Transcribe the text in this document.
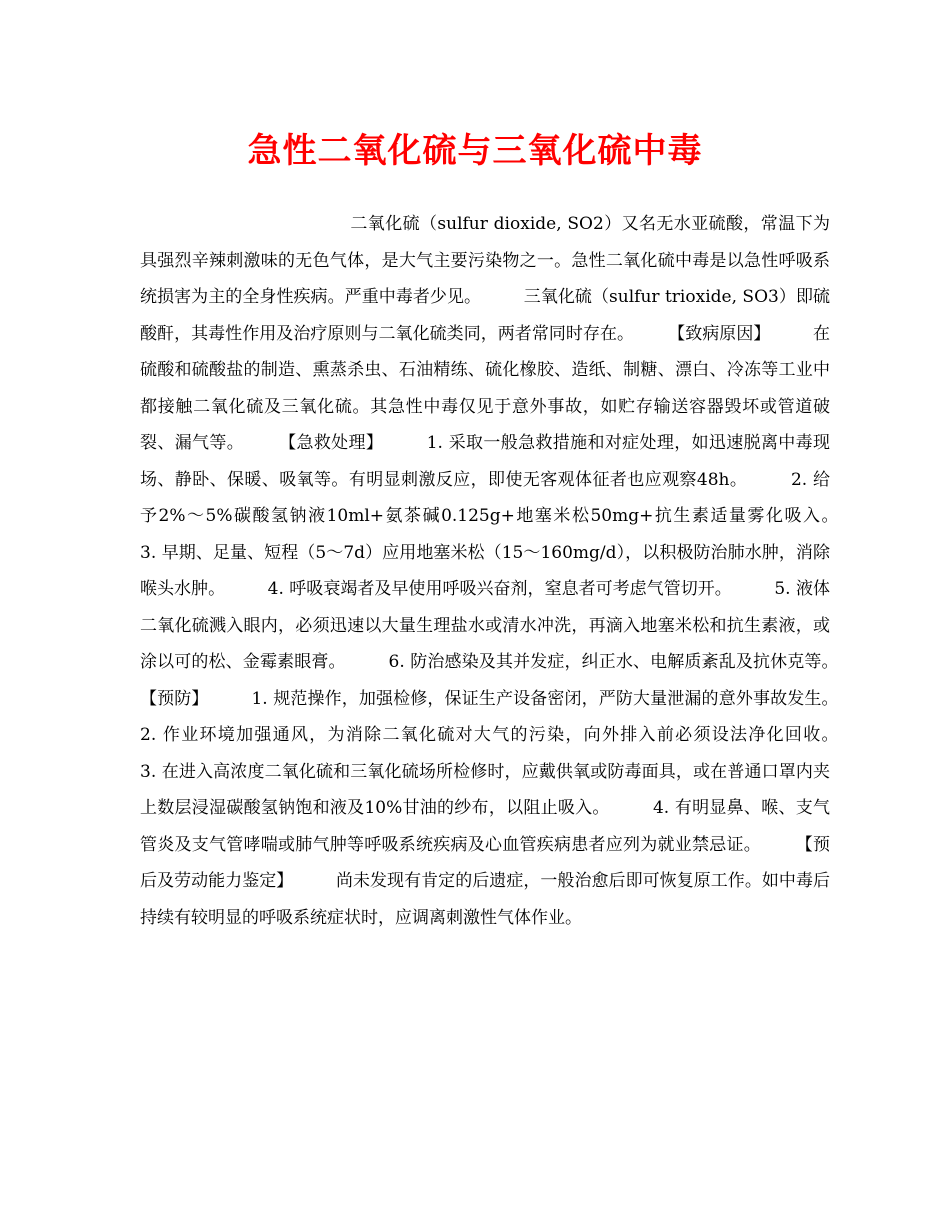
急性二氧化硫与三氧化硫中毒

二氧化硫（sulfur dioxide, SO2）又名无水亚硫酸，常温下为具强烈辛辣刺激味的无色气体，是大气主要污染物之一。急性二氧化硫中毒是以急性呼吸系统损害为主的全身性疾病。严重中毒者少见。　　　三氧化硫（sulfur trioxide, SO3）即硫酸酐，其毒性作用及治疗原则与二氧化硫类同，两者常同时存在。　　　【致病原因】　　　在硫酸和硫酸盐的制造、熏蒸杀虫、石油精练、硫化橡胶、造纸、制糖、漂白、冷冻等工业中都接触二氧化硫及三氧化硫。其急性中毒仅见于意外事故，如贮存输送容器毁坏或管道破裂、漏气等。　　　【急救处理】　　　1. 采取一般急救措施和对症处理，如迅速脱离中毒现场、静卧、保暖、吸氧等。有明显刺激反应，即使无客观体征者也应观察48h。　　　2. 给予2%～5%碳酸氢钠液10ml+氨茶碱0.125g+地塞米松50mg+抗生素适量雾化吸入。　　3. 早期、足量、短程（5～7d）应用地塞米松（15～160mg/d），以积极防治肺水肿，消除喉头水肿。　　　4. 呼吸衰竭者及早使用呼吸兴奋剂，窒息者可考虑气管切开。　　　5. 液体二氧化硫溅入眼内，必须迅速以大量生理盐水或清水冲洗，再滴入地塞米松和抗生素液，或涂以可的松、金霉素眼膏。　　　6. 防治感染及其并发症，纠正水、电解质紊乱及抗休克等。　　　【预防】　　　1. 规范操作，加强检修，保证生产设备密闭，严防大量泄漏的意外事故发生。　　　2. 作业环境加强通风，为消除二氧化硫对大气的污染，向外排入前必须设法净化回收。　　　3. 在进入高浓度二氧化硫和三氧化硫场所检修时，应戴供氧或防毒面具，或在普通口罩内夹上数层浸湿碳酸氢钠饱和液及10%甘油的纱布，以阻止吸入。　　　4. 有明显鼻、喉、支气管炎及支气管哮喘或肺气肿等呼吸系统疾病及心血管疾病患者应列为就业禁忌证。　　　【预后及劳动能力鉴定】　　　尚未发现有肯定的后遗症，一般治愈后即可恢复原工作。如中毒后持续有较明显的呼吸系统症状时，应调离刺激性气体作业。
